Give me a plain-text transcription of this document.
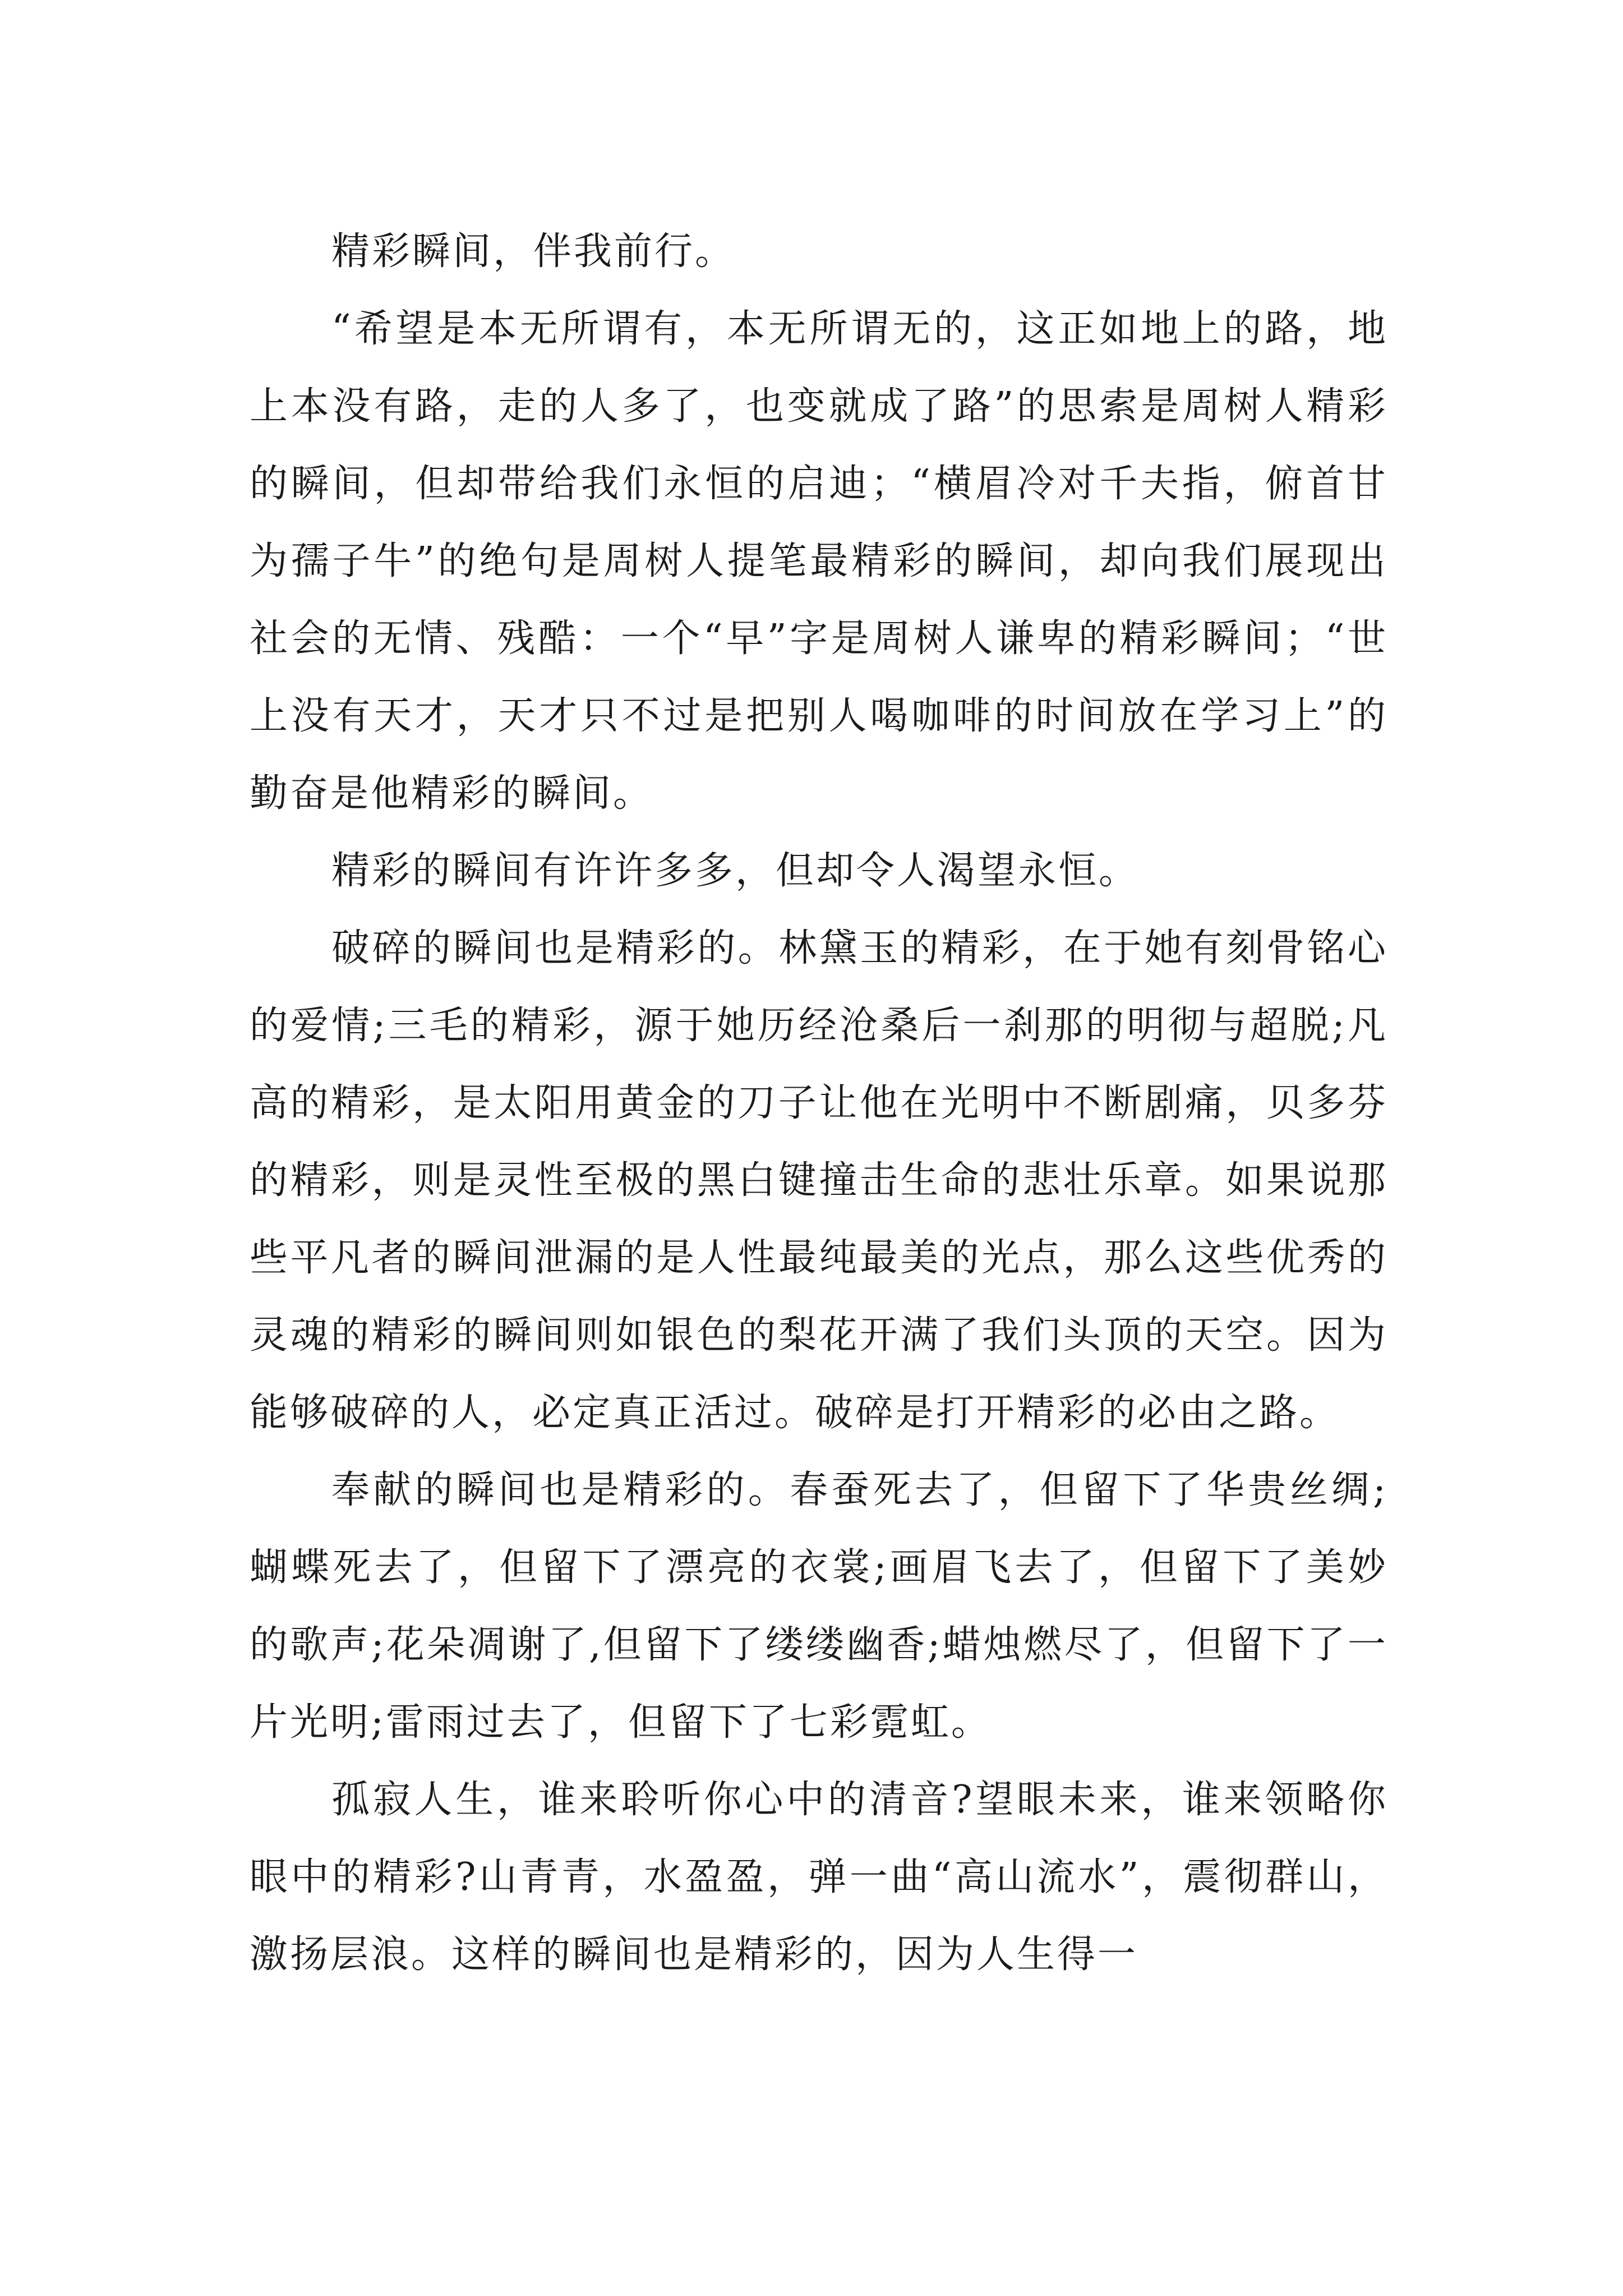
精彩瞬间，伴我前行。

“希望是本无所谓有，本无所谓无的，这正如地上的路，地上本没有路，走的人多了，也变就成了路”的思索是周树人精彩的瞬间，但却带给我们永恒的启迪；“横眉冷对千夫指，俯首甘为孺子牛”的绝句是周树人提笔最精彩的瞬间，却向我们展现出社会的无情、残酷：一个“早”字是周树人谦卑的精彩瞬间；“世上没有天才，天才只不过是把别人喝咖啡的时间放在学习上”的勤奋是他精彩的瞬间。

精彩的瞬间有许许多多，但却令人渴望永恒。

破碎的瞬间也是精彩的。林黛玉的精彩，在于她有刻骨铭心的爱情;三毛的精彩，源于她历经沧桑后一刹那的明彻与超脱;凡高的精彩，是太阳用黄金的刀子让他在光明中不断剧痛，贝多芬的精彩，则是灵性至极的黑白键撞击生命的悲壮乐章。如果说那些平凡者的瞬间泄漏的是人性最纯最美的光点，那么这些优秀的灵魂的精彩的瞬间则如银色的梨花开满了我们头顶的天空。因为能够破碎的人，必定真正活过。破碎是打开精彩的必由之路。

奉献的瞬间也是精彩的。春蚕死去了，但留下了华贵丝绸;蝴蝶死去了，但留下了漂亮的衣裳;画眉飞去了，但留下了美妙的歌声;花朵凋谢了,但留下了缕缕幽香;蜡烛燃尽了，但留下了一片光明;雷雨过去了，但留下了七彩霓虹。

孤寂人生，谁来聆听你心中的清音?望眼未来，谁来领略你眼中的精彩?山青青，水盈盈，弹一曲“高山流水”，震彻群山，激扬层浪。这样的瞬间也是精彩的，因为人生得一
